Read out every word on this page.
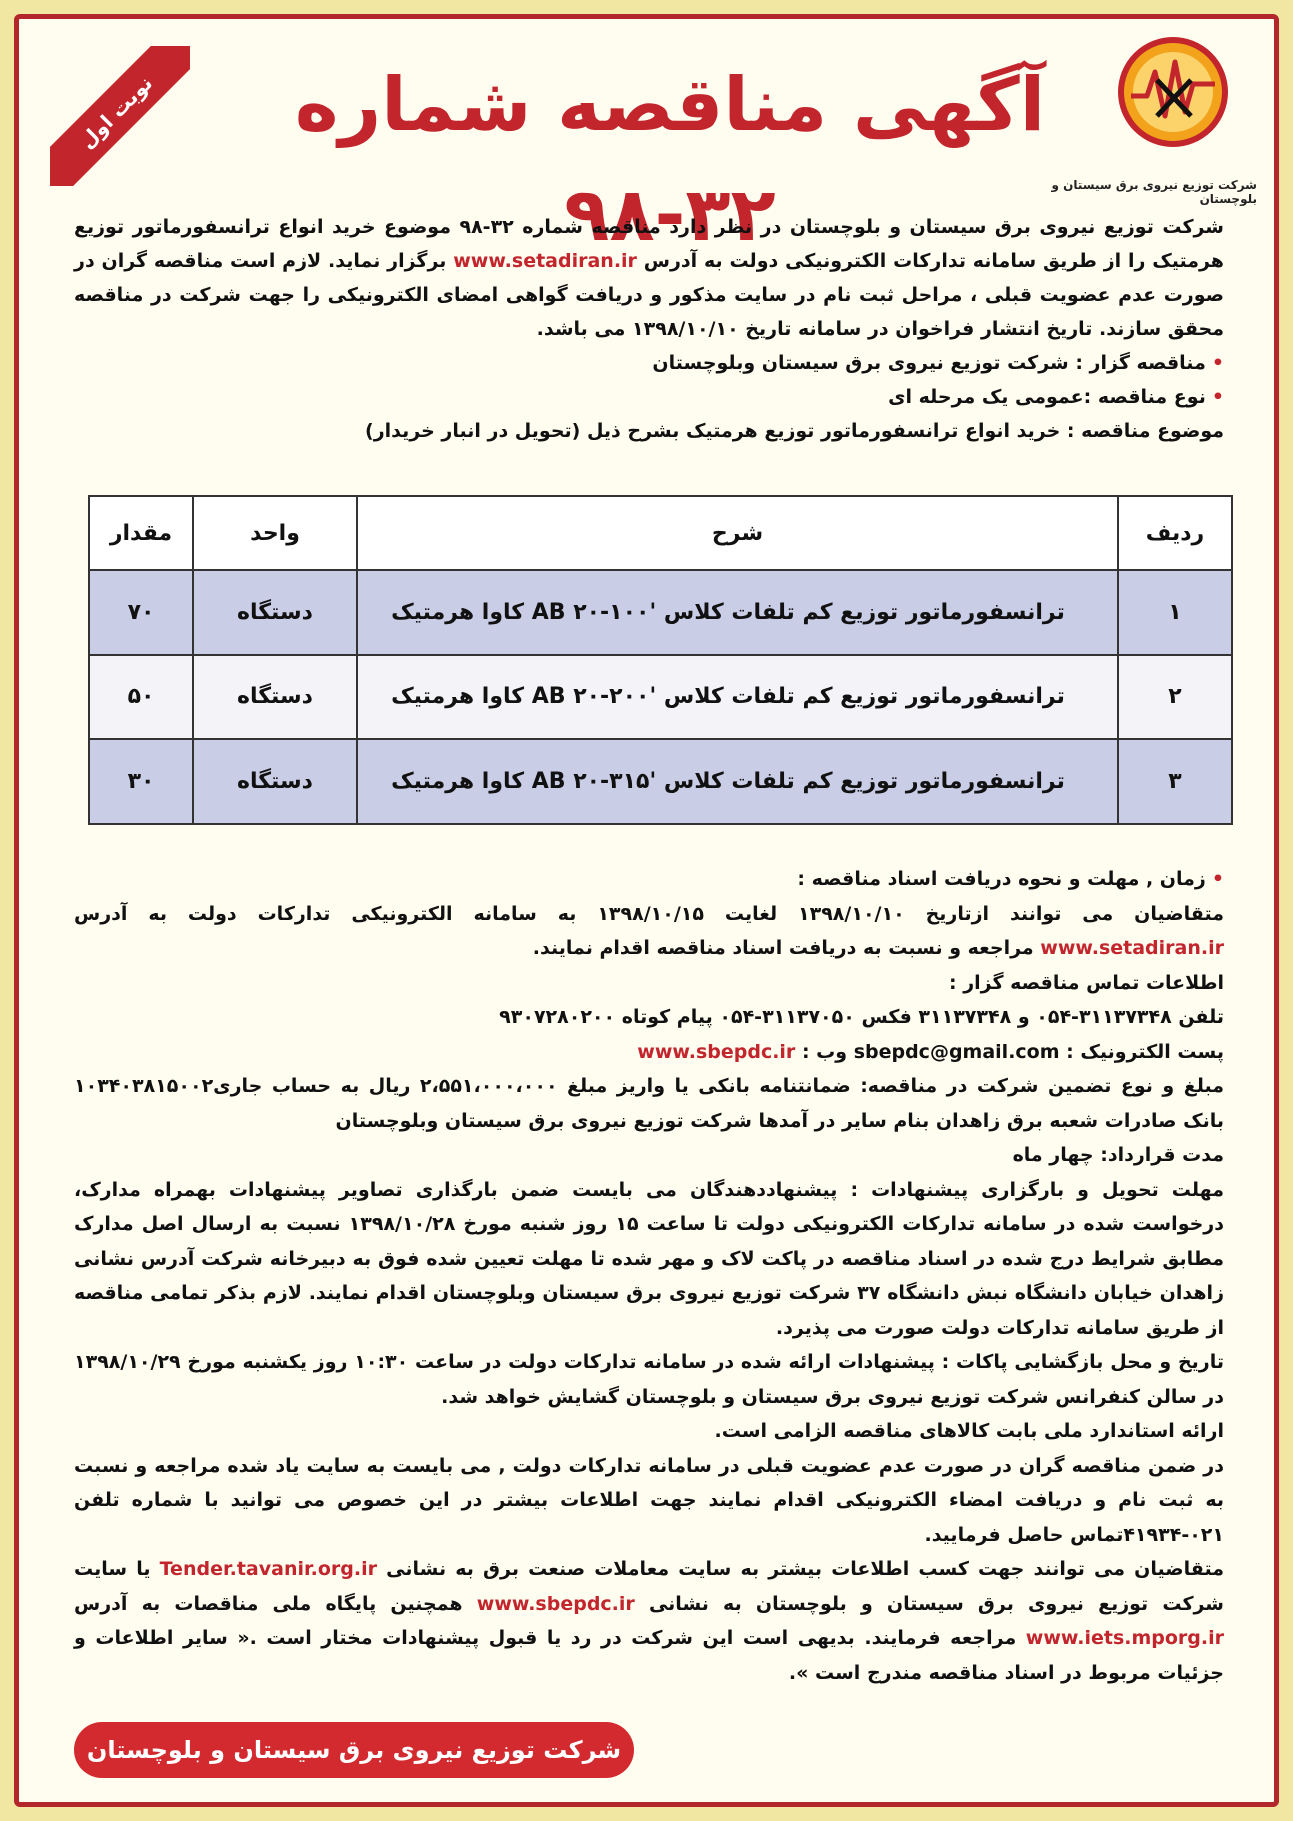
شرکت توزیع نیروی برق سیستان و بلوچستان
آگهی مناقصه شماره ۳۲-۹۸
نوبت اول

شرکت توزیع نیروی برق سیستان و بلوچستان در نظر دارد مناقصه شماره ۳۲-۹۸ موضوع خرید انواع ترانسفورماتور توزیع هرمتیک را از طریق سامانه تدارکات الکترونیکی دولت به آدرس www.setadiran.ir برگزار نماید. لازم است مناقصه گران در صورت عدم عضویت قبلی ، مراحل ثبت نام در سایت مذکور و دریافت گواهی امضای الکترونیکی را جهت شرکت در مناقصه محقق سازند. تاریخ انتشار فراخوان در سامانه تاریخ ۱۳۹۸/۱۰/۱۰ می باشد.

• مناقصه گزار : شرکت توزیع نیروی برق سیستان وبلوچستان

• نوع مناقصه :عمومی یک مرحله ای

موضوع مناقصه : خرید انواع ترانسفورماتور توزیع هرمتیک بشرح ذیل (تحویل در انبار خریدار)

ردیف	شرح	واحد	مقدار
۱	ترانسفورماتور توزیع کم تلفات کلاس 'AB ۲۰-۱۰۰ کاوا هرمتیک	دستگاه	۷۰
۲	ترانسفورماتور توزیع کم تلفات کلاس 'AB ۲۰-۲۰۰ کاوا هرمتیک	دستگاه	۵۰
۳	ترانسفورماتور توزیع کم تلفات کلاس 'AB ۲۰-۳۱۵ کاوا هرمتیک	دستگاه	۳۰

• زمان , مهلت و نحوه دریافت اسناد مناقصه :

متقاضیان می توانند ازتاریخ ۱۳۹۸/۱۰/۱۰ لغایت ۱۳۹۸/۱۰/۱۵ به سامانه الکترونیکی تدارکات دولت به آدرس www.setadiran.ir مراجعه و نسبت به دریافت اسناد مناقصه اقدام نمایند.

اطلاعات تماس مناقصه گزار :

تلفن ۳۱۱۳۷۳۴۸-۰۵۴ و ۳۱۱۳۷۳۴۸ فکس ۳۱۱۳۷۰۵۰-۰۵۴ پیام کوتاه ۹۳۰۷۲۸۰۲۰۰

پست الکترونیک : sbepdc@gmail.com وب : www.sbepdc.ir

مبلغ و نوع تضمین شرکت در مناقصه: ضمانتنامه بانکی یا واریز مبلغ ۲،۵۵۱،۰۰۰،۰۰۰ ریال به حساب جاری۱۰۳۴۰۳۸۱۵۰۰۲ بانک صادرات شعبه برق زاهدان بنام سایر در آمدها شرکت توزیع نیروی برق سیستان وبلوچستان

مدت قرارداد: چهار ماه

مهلت تحویل و بارگزاری پیشنهادات : پیشنهاددهندگان می بایست ضمن بارگذاری تصاویر پیشنهادات بهمراه مدارک، درخواست شده در سامانه تدارکات الکترونیکی دولت تا ساعت ۱۵ روز شنبه مورخ ۱۳۹۸/۱۰/۲۸ نسبت به ارسال اصل مدارک مطابق شرایط درج شده در اسناد مناقصه در پاکت لاک و مهر شده تا مهلت تعیین شده فوق به دبیرخانه شرکت آدرس نشانی زاهدان خیابان دانشگاه نبش دانشگاه ۳۷ شرکت توزیع نیروی برق سیستان وبلوچستان اقدام نمایند. لازم بذکر تمامی مناقصه از طریق سامانه تدارکات دولت صورت می پذیرد.

تاریخ و محل بازگشایی پاکات : پیشنهادات ارائه شده در سامانه تدارکات دولت در ساعت ۱۰:۳۰ روز یکشنبه مورخ ۱۳۹۸/۱۰/۲۹ در سالن کنفرانس شرکت توزیع نیروی برق سیستان و بلوچستان گشایش خواهد شد.

ارائه استاندارد ملی بابت کالاهای مناقصه الزامی است.

در ضمن مناقصه گران در صورت عدم عضویت قبلی در سامانه تدارکات دولت , می بایست به سایت یاد شده مراجعه و نسبت به ثبت نام و دریافت امضاء الکترونیکی اقدام نمایند جهت اطلاعات بیشتر در این خصوص می توانید با شماره تلفن ۰۲۱-۴۱۹۳۴تماس حاصل فرمایید.

متقاضیان می توانند جهت کسب اطلاعات بیشتر به سایت معاملات صنعت برق به نشانی Tender.tavanir.org.ir یا سایت شرکت توزیع نیروی برق سیستان و بلوچستان به نشانی www.sbepdc.ir همچنین پایگاه ملی مناقصات به آدرس www.iets.mporg.ir مراجعه فرمایند. بدیهی است این شرکت در رد یا قبول پیشنهادات مختار است .« سایر اطلاعات و جزئیات مربوط در اسناد مناقصه مندرج است ».

شرکت توزیع نیروی برق سیستان و بلوچستان
